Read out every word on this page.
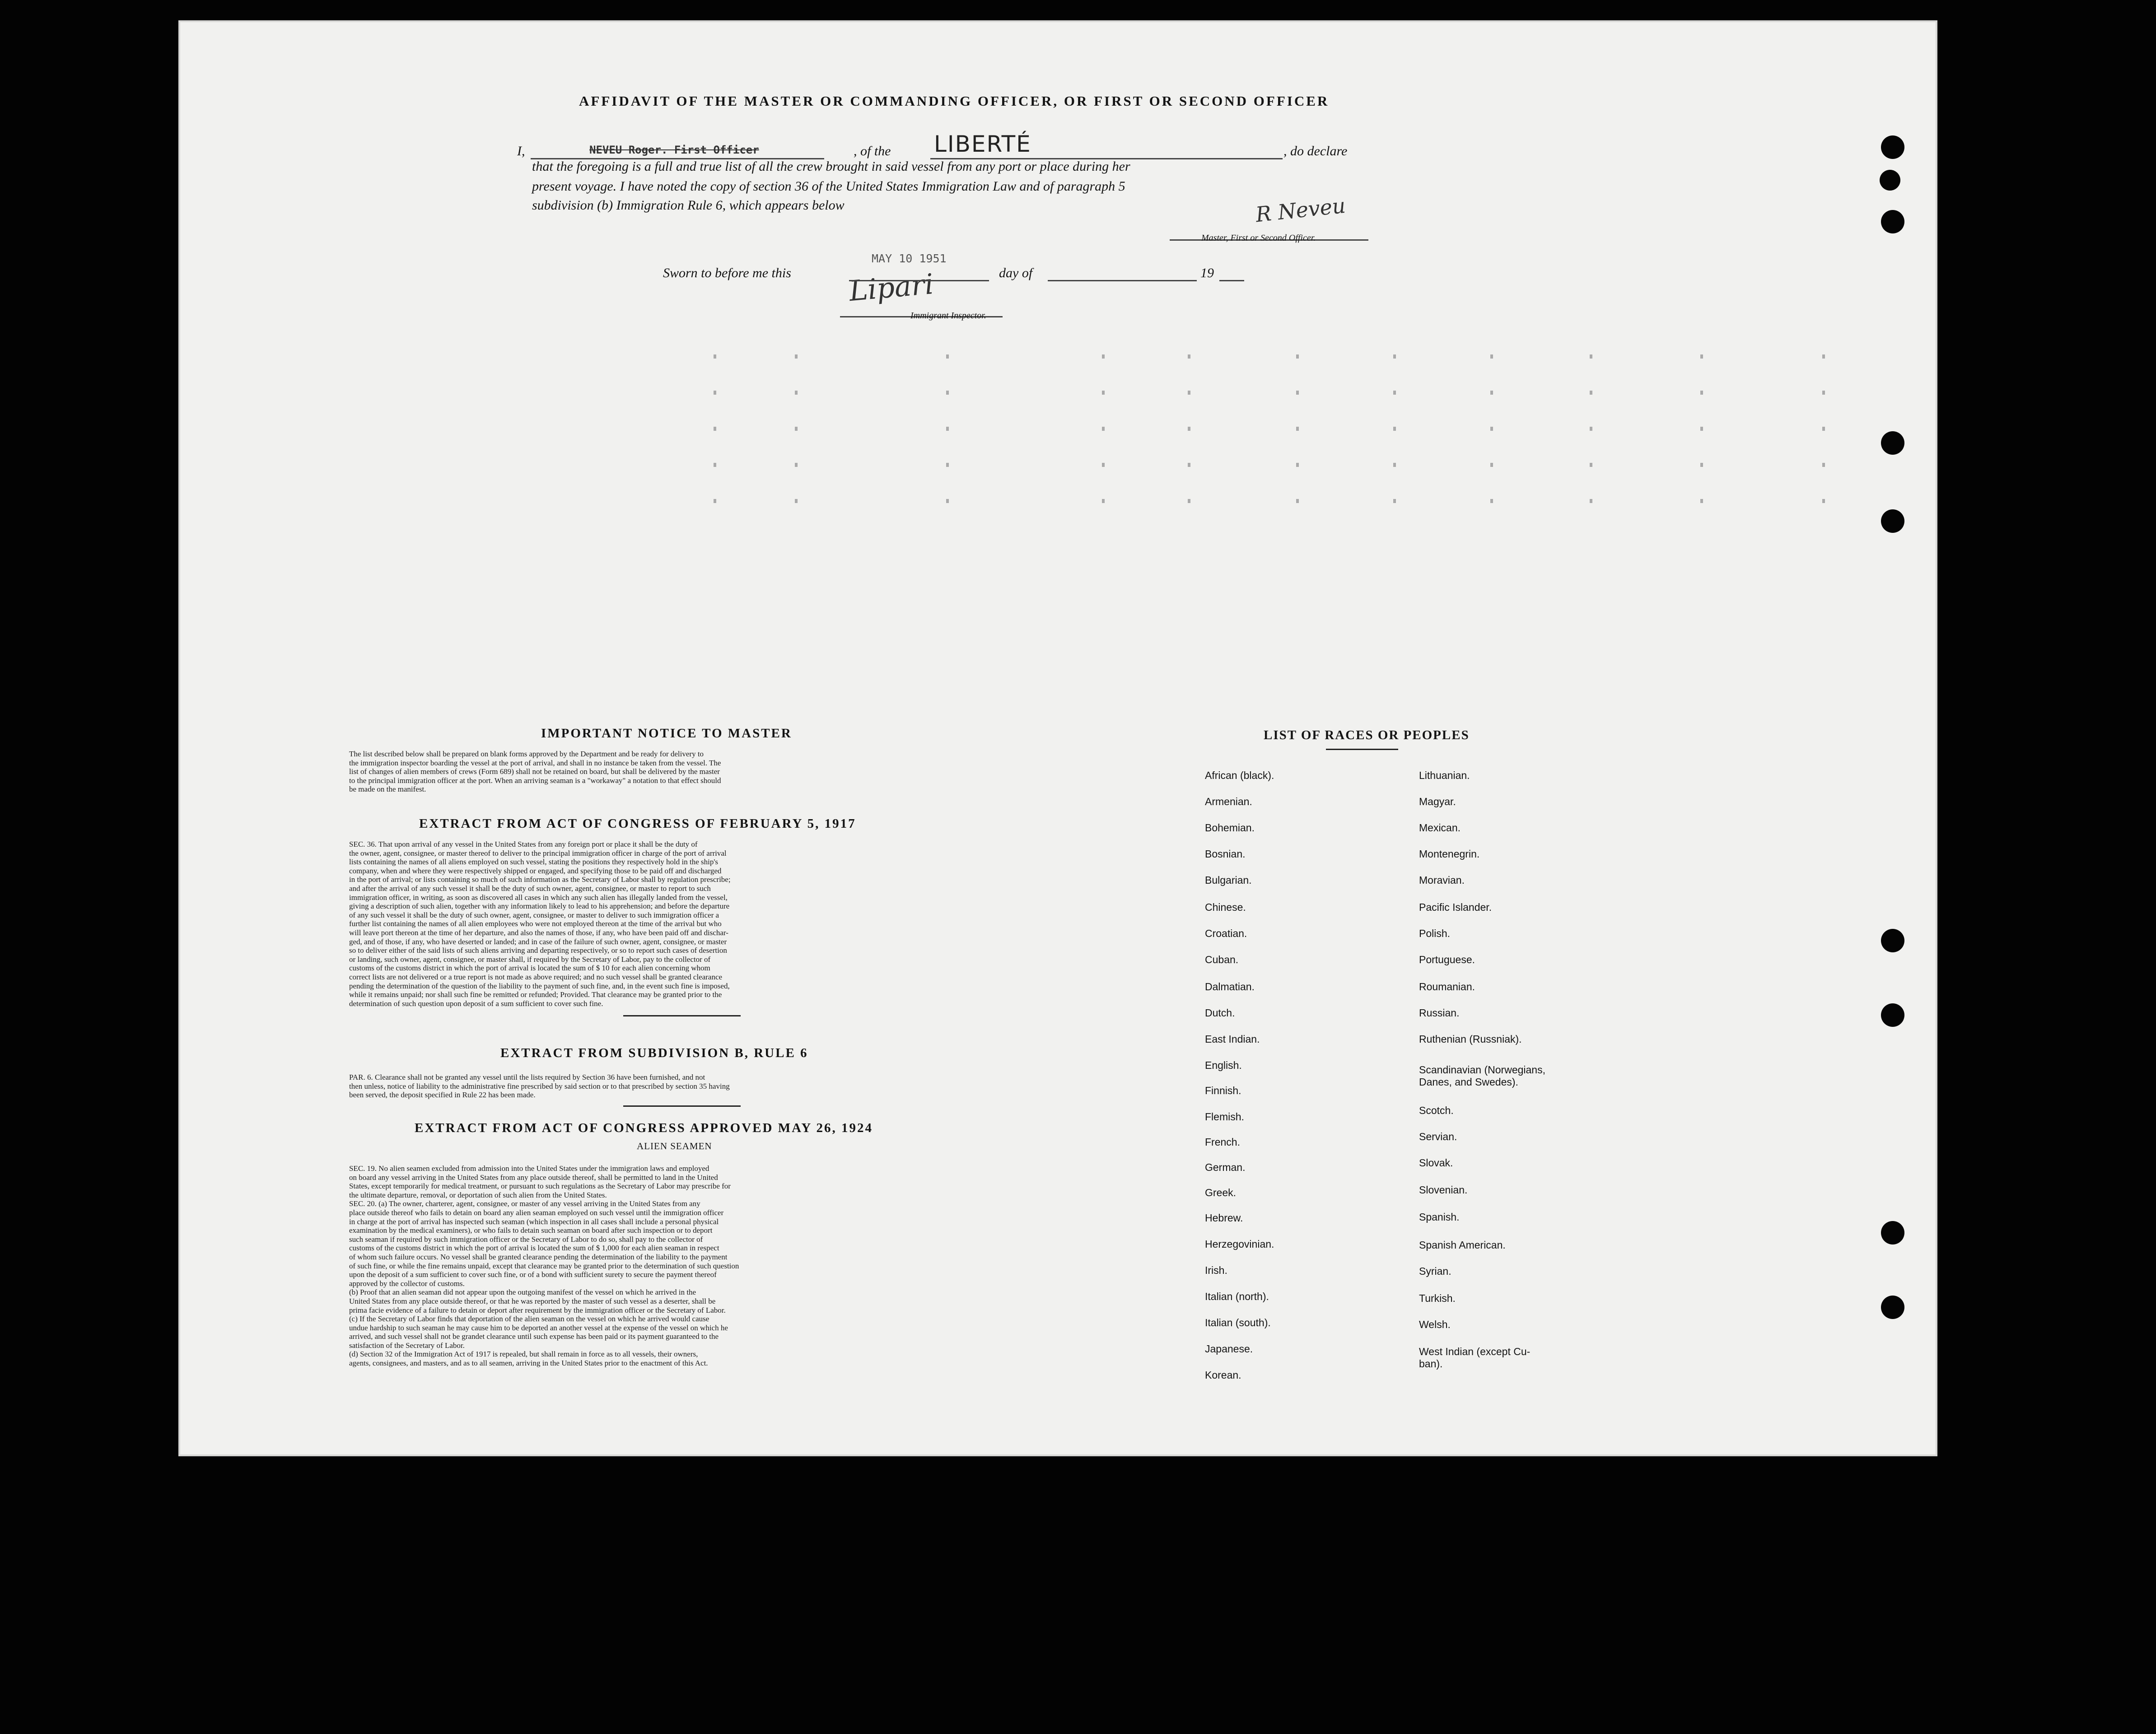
AFFIDAVIT OF THE MASTER OR COMMANDING OFFICER, OR FIRST OR SECOND OFFICER
I,	NEVEU Roger. First Officer	, of the LIBERTÉ	, do declare
that the foregoing is a full and true list of all the crew brought in said vessel from any port or place during her
present voyage. I have noted the copy of section 36 of the United States Immigration Law and of paragraph 5
subdivision (b) Immigration Rule 6, which appears below	R Neveu
Master, First or Second Officer.
Sworn to before me this
MAY 10 1951
Lipari	day of	19
Immigrant Inspector.
IMPORTANT NOTICE TO MASTER
The list described below shall be prepared on blank forms approved by the Department and be ready for delivery to
the immigration inspector boarding the vessel at the port of arrival, and shall in no instance be taken from the vessel. The
list of changes of alien members of crews (Form 689) shall not be retained on board, but shall be delivered by the master
to the principal immigration officer at the port. When an arriving seaman is a "workaway" a notation to that effect should
be made on the manifest.
EXTRACT FROM ACT OF CONGRESS OF FEBRUARY 5, 1917
SEC. 36. That upon arrival of any vessel in the United States from any foreign port or place it shall be the duty of
the owner, agent, consignee, or master thereof to deliver to the principal immigration officer in charge of the port of arrival
lists containing the names of all aliens employed on such vessel, stating the positions they respectively hold in the ship's
company, when and where they were respectively shipped or engaged, and specifying those to be paid off and discharged
in the port of arrival; or lists containing so much of such information as the Secretary of Labor shall by regulation prescribe;
and after the arrival of any such vessel it shall be the duty of such owner, agent, consignee, or master to report to such
immigration officer, in writing, as soon as discovered all cases in which any such alien has illegally landed from the vessel,
giving a description of such alien, together with any information likely to lead to his apprehension; and before the departure
of any such vessel it shall be the duty of such owner, agent, consignee, or master to deliver to such immigration officer a
further list containing the names of all alien employees who were not employed thereon at the time of the arrival but who
will leave port thereon at the time of her departure, and also the names of those, if any, who have been paid off and dischar-
ged, and of those, if any, who have deserted or landed; and in case of the failure of such owner, agent, consignee, or master
so to deliver either of the said lists of such aliens arriving and departing respectively, or so to report such cases of desertion
or landing, such owner, agent, consignee, or master shall, if required by the Secretary of Labor, pay to the collector of
customs of the customs district in which the port of arrival is located the sum of $ 10 for each alien concerning whom
correct lists are not delivered or a true report is not made as above required; and no such vessel shall be granted clearance
pending the determination of the question of the liability to the payment of such fine, and, in the event such fine is imposed,
while it remains unpaid; nor shall such fine be remitted or refunded; Provided. That clearance may be granted prior to the
determination of such question upon deposit of a sum sufficient to cover such fine.
EXTRACT FROM SUBDIVISION B, RULE 6
PAR. 6. Clearance shall not be granted any vessel until the lists required by Section 36 have been furnished, and not
then unless, notice of liability to the administrative fine prescribed by said section or to that prescribed by section 35 having
been served, the deposit specified in Rule 22 has been made.
EXTRACT FROM ACT OF CONGRESS APPROVED MAY 26, 1924
ALIEN SEAMEN
SEC. 19. No alien seamen excluded from admission into the United States under the immigration laws and employed
on board any vessel arriving in the United States from any place outside thereof, shall be permitted to land in the United
States, except temporarily for medical treatment, or pursuant to such regulations as the Secretary of Labor may prescribe for
the ultimate departure, removal, or deportation of such alien from the United States.
SEC. 20. (a) The owner, charterer, agent, consignee, or master of any vessel arriving in the United States from any
place outside thereof who fails to detain on board any alien seaman employed on such vessel until the immigration officer
in charge at the port of arrival has inspected such seaman (which inspection in all cases shall include a personal physical
examination by the medical examiners), or who fails to detain such seaman on board after such inspection or to deport
such seaman if required by such immigration officer or the Secretary of Labor to do so, shall pay to the collector of
customs of the customs district in which the port of arrival is located the sum of $ 1,000 for each alien seaman in respect
of whom such failure occurs. No vessel shall be granted clearance pending the determination of the liability to the payment
of such fine, or while the fine remains unpaid, except that clearance may be granted prior to the determination of such question
upon the deposit of a sum sufficient to cover such fine, or of a bond with sufficient surety to secure the payment thereof
approved by the collector of customs.
(b) Proof that an alien seaman did not appear upon the outgoing manifest of the vessel on which he arrived in the
United States from any place outside thereof, or that he was reported by the master of such vessel as a deserter, shall be
prima facie evidence of a failure to detain or deport after requirement by the immigration officer or the Secretary of Labor.
(c) If the Secretary of Labor finds that deportation of the alien seaman on the vessel on which he arrived would cause
undue hardship to such seaman he may cause him to be deported an another vessel at the expense of the vessel on which he
arrived, and such vessel shall not be grandet clearance until such expense has been paid or its payment guaranteed to the
satisfaction of the Secretary of Labor.
(d) Section 32 of the Immigration Act of 1917 is repealed, but shall remain in force as to all vessels, their owners,
agents, consignees, and masters, and as to all seamen, arriving in the United States prior to the enactment of this Act.
LIST OF RACES OR PEOPLES
African (black).
Armenian.
Bohemian.
Bosnian.
Bulgarian.
Chinese.
Croatian.
Cuban.
Dalmatian.
Dutch.
East Indian.
English.
Finnish.
Flemish.
French.
German.
Greek.
Hebrew.
Herzegovinian.
Irish.
Italian (north).
Italian (south).
Japanese.
Korean.
Lithuanian.
Magyar.
Mexican.
Montenegrin.
Moravian.
Pacific Islander.
Polish.
Portuguese.
Roumanian.
Russian.
Ruthenian (Russniak).
Scandinavian (Norwegians,
Danes, and Swedes).
Scotch.
Servian.
Slovak.
Slovenian.
Spanish.
Spanish American.
Syrian.
Turkish.
Welsh.
West Indian (except Cu-
ban).
